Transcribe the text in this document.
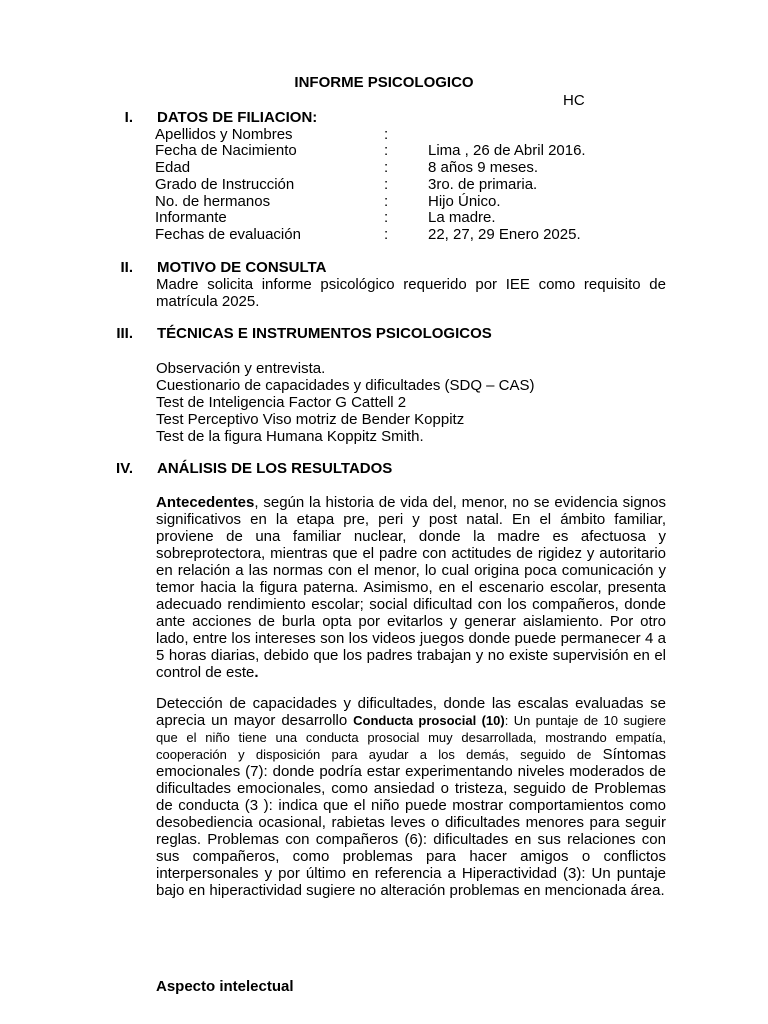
INFORME PSICOLOGICO
HC
I. DATOS DE FILIACION:
Apellidos y Nombres	:
Fecha de Nacimiento	:	Lima , 26 de Abril 2016.
Edad	:	8 años 9 meses.
Grado de Instrucción	:	3ro. de primaria.
No. de hermanos	:	Hijo Único.
Informante	:	La madre.
Fechas de evaluación	:	22, 27, 29 Enero 2025.
II. MOTIVO DE CONSULTA
Madre solicita informe psicológico requerido por IEE como requisito de matrícula 2025.
III. TÉCNICAS E INSTRUMENTOS PSICOLOGICOS
Observación y entrevista.
Cuestionario de capacidades y dificultades (SDQ – CAS)
Test de Inteligencia Factor G Cattell 2
Test Perceptivo Viso motriz de Bender Koppitz
Test de la figura Humana Koppitz Smith.
IV. ANÁLISIS DE LOS RESULTADOS
Antecedentes, según la historia de vida del, menor, no se evidencia signos significativos en la etapa pre, peri y post natal. En el ámbito familiar, proviene de una familiar nuclear, donde la madre es afectuosa y sobreprotectora, mientras que el padre con actitudes de rigidez y autoritario en relación a las normas con el menor, lo cual origina poca comunicación y temor hacia la figura paterna. Asimismo, en el escenario escolar, presenta adecuado rendimiento escolar; social dificultad con los compañeros, donde ante acciones de burla opta por evitarlos y generar aislamiento. Por otro lado, entre los intereses son los videos juegos donde puede permanecer 4 a 5 horas diarias, debido que los padres trabajan y no existe supervisión en el control de este.
Detección de capacidades y dificultades, donde las escalas evaluadas se aprecia un mayor desarrollo Conducta prosocial (10): Un puntaje de 10 sugiere que el niño tiene una conducta prosocial muy desarrollada, mostrando empatía, cooperación y disposición para ayudar a los demás, seguido de Síntomas emocionales (7): donde podría estar experimentando niveles moderados de dificultades emocionales, como ansiedad o tristeza, seguido de Problemas de conducta (3 ): indica que el niño puede mostrar comportamientos como desobediencia ocasional, rabietas leves o dificultades menores para seguir reglas. Problemas con compañeros (6): dificultades en sus relaciones con sus compañeros, como problemas para hacer amigos o conflictos interpersonales y por último en referencia a Hiperactividad (3): Un puntaje bajo en hiperactividad sugiere no alteración problemas en mencionada área.
Aspecto intelectual
